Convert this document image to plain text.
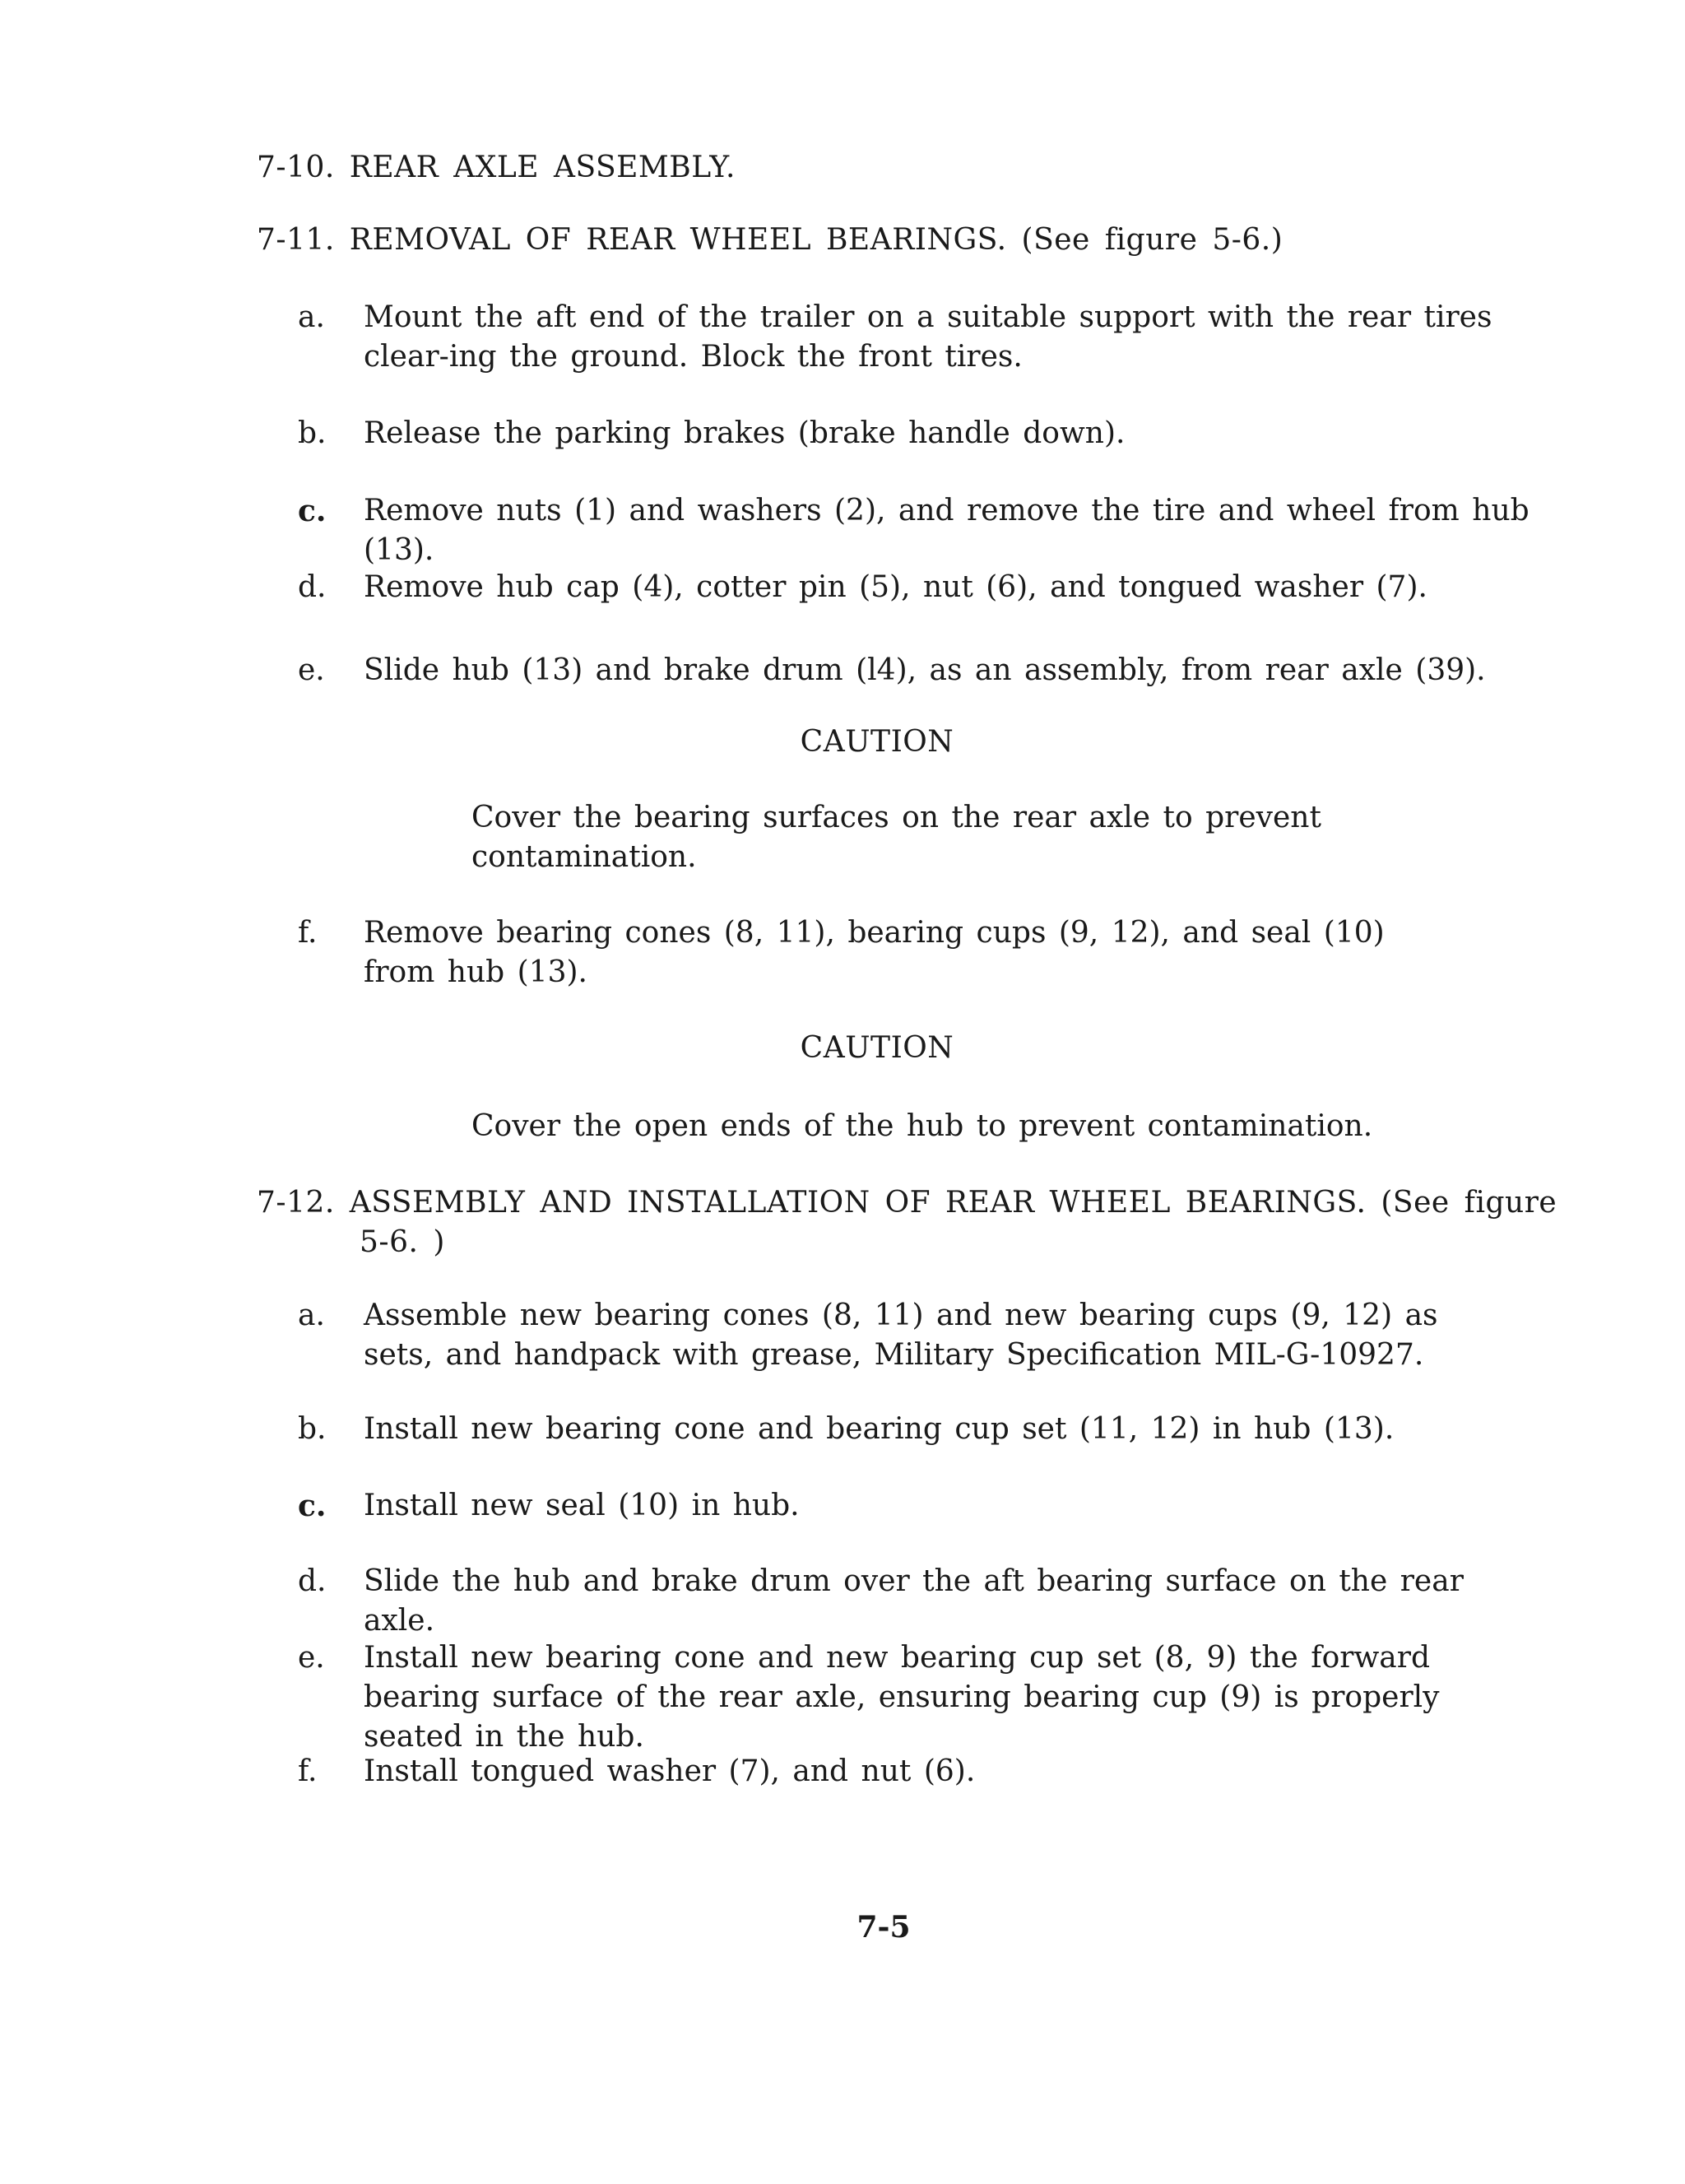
7-10. REAR AXLE ASSEMBLY.
7-11. REMOVAL OF REAR WHEEL BEARINGS. (See figure 5-6.)
a.	Mount the aft end of the trailer on a suitable support with the rear tires clear-ing the ground. Block the front tires.
b.	Release the parking brakes (brake handle down).
c.	Remove nuts (1) and washers (2), and remove the tire and wheel from hub (13).
d.	Remove hub cap (4), cotter pin (5), nut (6), and tongued washer (7).
e.	Slide hub (13) and brake drum (l4), as an assembly, from rear axle (39).
CAUTION
Cover the bearing surfaces on the rear axle to prevent contamination.
f.	Remove bearing cones (8, 11), bearing cups (9, 12), and seal (10) from hub (13).
CAUTION
Cover the open ends of the hub to prevent contamination.
7-12. ASSEMBLY AND INSTALLATION OF REAR WHEEL BEARINGS. (See figure
5-6. )
a.	Assemble new bearing cones (8, 11) and new bearing cups (9, 12) as sets, and handpack with grease, Military Specification MIL-G-10927.
b.	Install new bearing cone and bearing cup set (11, 12) in hub (13).
c.	Install new seal (10) in hub.
d.	Slide the hub and brake drum over the aft bearing surface on the rear axle.
e.	Install new bearing cone and new bearing cup set (8, 9) the forward bearing surface of the rear axle, ensuring bearing cup (9) is properly seated in the hub.
f.	Install tongued washer (7), and nut (6).
7-5
